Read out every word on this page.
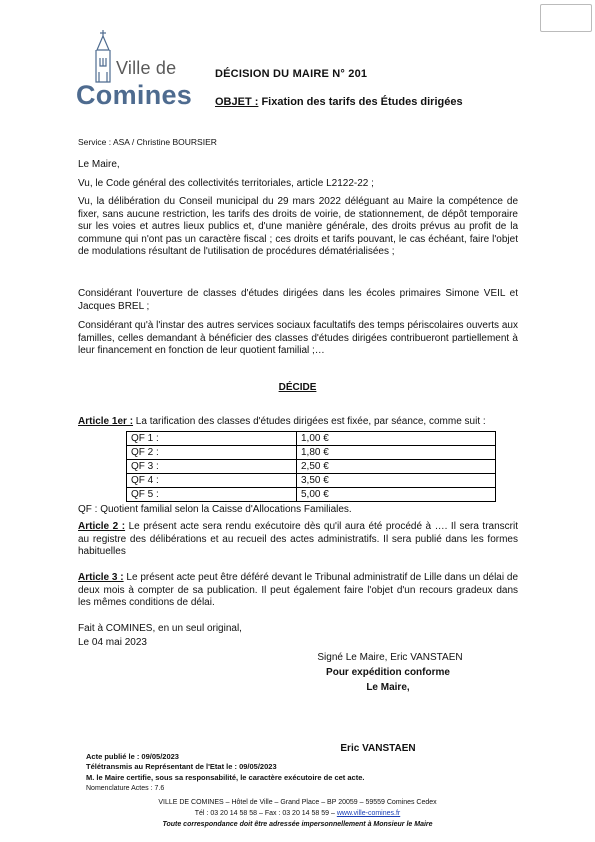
Ville de
Comines
DÉCISION DU MAIRE N° 201
OBJET : Fixation des tarifs des Études dirigées
Service : ASA / Christine BOURSIER
Le Maire,
Vu, le Code général des collectivités territoriales, article L2122-22 ;
Vu, la délibération du Conseil municipal du 29 mars 2022 déléguant au Maire la compétence de fixer, sans aucune restriction, les tarifs des droits de voirie, de stationnement, de dépôt temporaire sur les voies et autres lieux publics et, d'une manière générale, des droits prévus au profit de la commune qui n'ont pas un caractère fiscal ; ces droits et tarifs pouvant, le cas échéant, faire l'objet de modulations résultant de l'utilisation de procédures dématérialisées ;
Considérant l'ouverture de classes d'études dirigées dans les écoles primaires Simone VEIL et Jacques BREL ;
Considérant qu'à l'instar des autres services sociaux facultatifs des temps périscolaires ouverts aux familles, celles demandant à bénéficier des classes d'études dirigées contribueront partiellement à leur financement en fonction de leur quotient familial ;…
DÉCIDE
Article 1er : La tarification des classes d'études dirigées est fixée, par séance, comme suit :
QF 1 :	1,00 €
QF 2 :	1,80 €
QF 3 :	2,50 €
QF 4 :	3,50 €
QF 5 :	5,00 €
QF : Quotient familial selon la Caisse d'Allocations Familiales.
Article 2 : Le présent acte sera rendu exécutoire dès qu'il aura été procédé à …. Il sera transcrit au registre des délibérations et au recueil des actes administratifs. Il sera publié dans les formes habituelles
Article 3 : Le présent acte peut être déféré devant le Tribunal administratif de Lille dans un délai de deux mois à compter de sa publication. Il peut également faire l'objet d'un recours gradeux dans les mêmes conditions de délai.
Fait à COMINES, en un seul original,
Le 04 mai 2023
Signé Le Maire, Eric VANSTAEN
Pour expédition conforme
Le Maire,
Eric VANSTAEN
Acte publié le : 09/05/2023
Télétransmis au Représentant de l'Etat le : 09/05/2023
M. le Maire certifie, sous sa responsabilité, le caractère exécutoire de cet acte.
Nomenclature Actes : 7.6
VILLE DE COMINES – Hôtel de Ville – Grand Place – BP 20059 – 59559 Comines Cedex
Tél : 03 20 14 58 58 – Fax : 03 20 14 58 59 – www.ville-comines.fr
Toute correspondance doit être adressée impersonnellement à Monsieur le Maire
